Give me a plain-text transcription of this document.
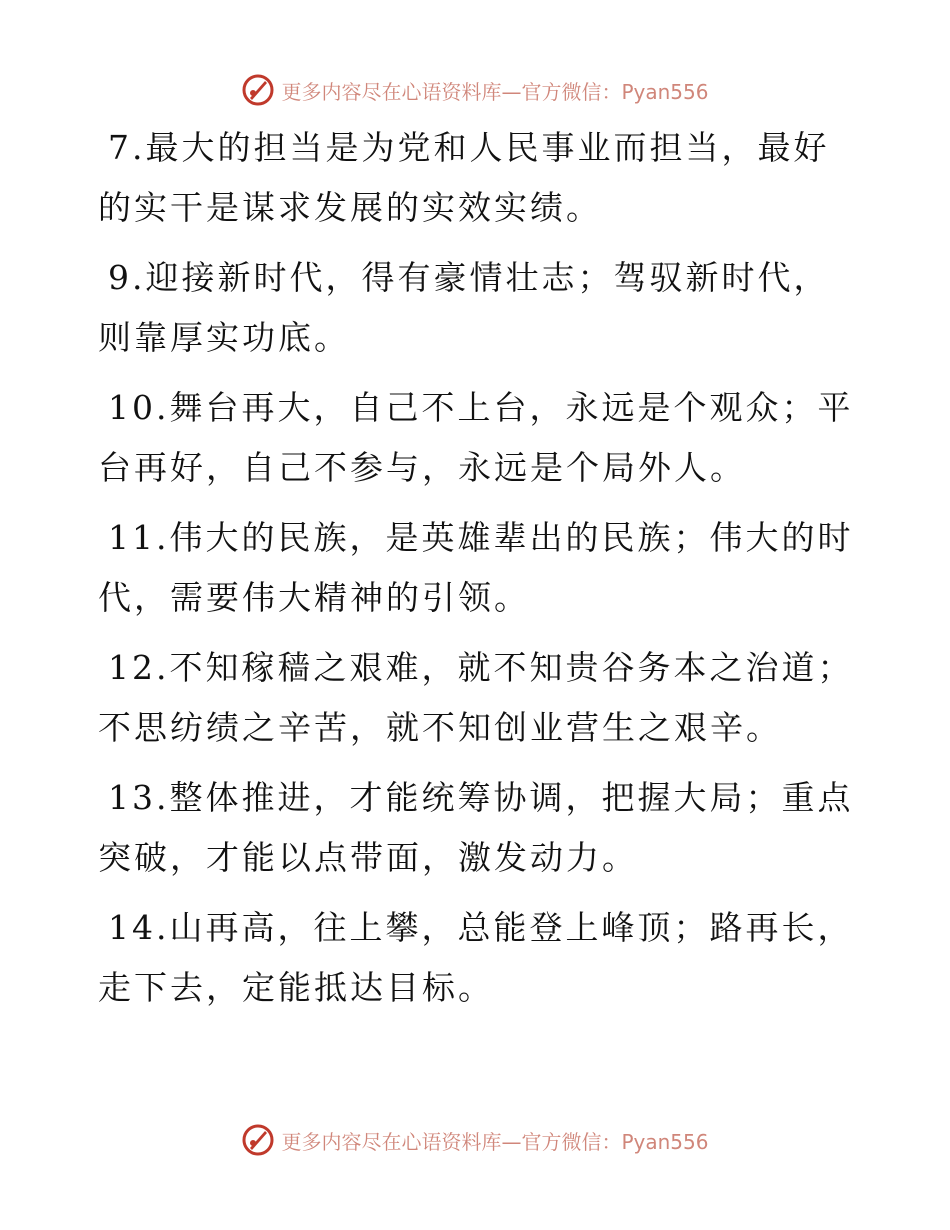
更多内容尽在心语资料库—官方微信：Pyan556

7.最大的担当是为党和人民事业而担当，最好的实干是谋求发展的实效实绩。

9.迎接新时代，得有豪情壮志；驾驭新时代，则靠厚实功底。

10.舞台再大，自己不上台，永远是个观众；平台再好，自己不参与，永远是个局外人。

11.伟大的民族，是英雄辈出的民族；伟大的时代，需要伟大精神的引领。

12.不知稼穑之艰难，就不知贵谷务本之治道；不思纺绩之辛苦，就不知创业营生之艰辛。

13.整体推进，才能统筹协调，把握大局；重点突破，才能以点带面，激发动力。

14.山再高，往上攀，总能登上峰顶；路再长，走下去，定能抵达目标。

更多内容尽在心语资料库—官方微信：Pyan556
